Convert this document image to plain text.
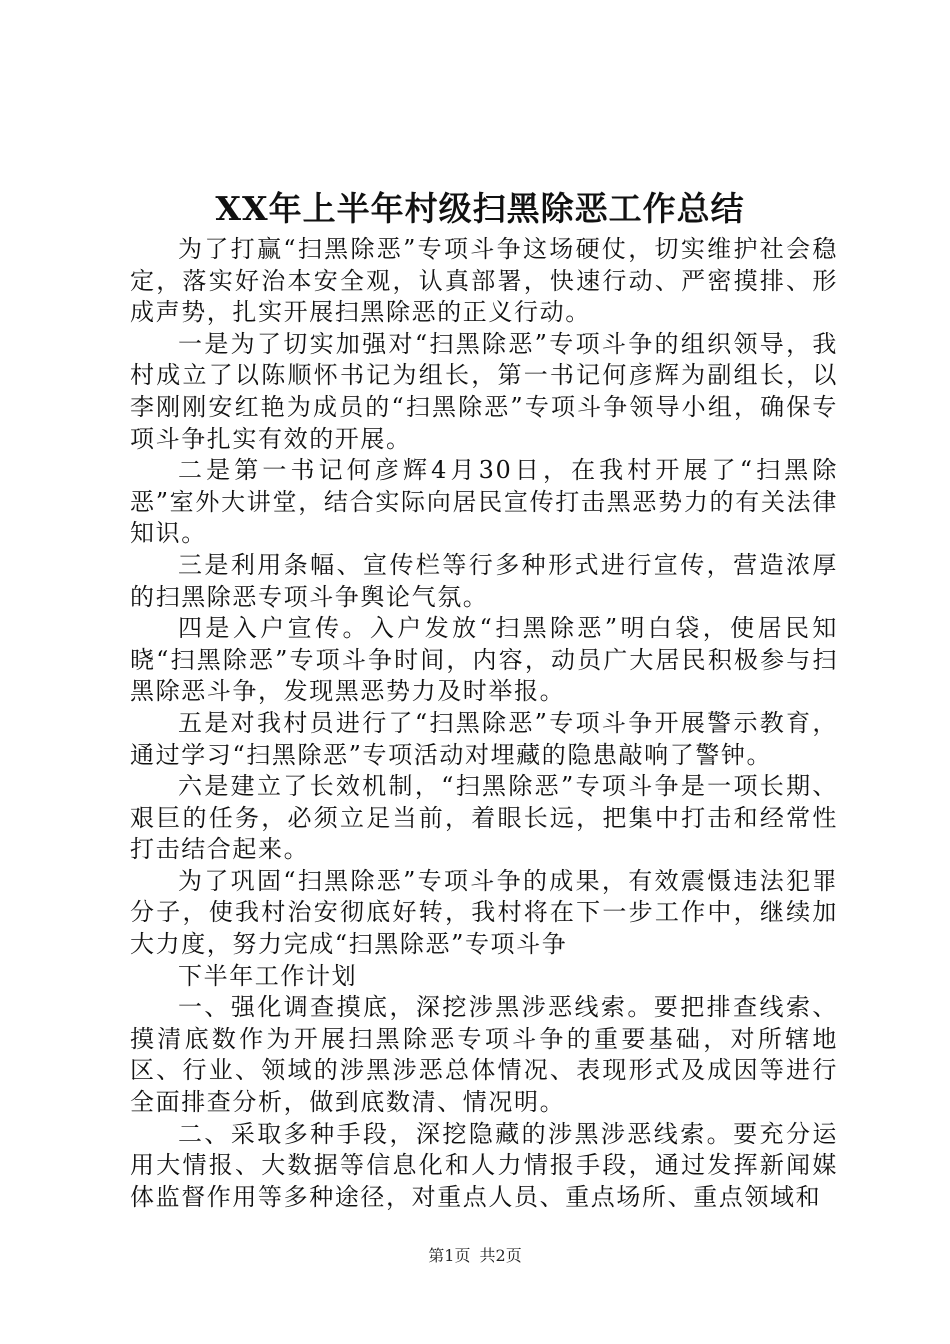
XX年上半年村级扫黑除恶工作总结

为了打赢“扫黑除恶”专项斗争这场硬仗，切实维护社会稳定，落实好治本安全观，认真部署，快速行动、严密摸排、形成声势，扎实开展扫黑除恶的正义行动。

一是为了切实加强对“扫黑除恶”专项斗争的组织领导，我村成立了以陈顺怀书记为组长，第一书记何彦辉为副组长，以李刚刚安红艳为成员的“扫黑除恶”专项斗争领导小组，确保专项斗争扎实有效的开展。

二是第一书记何彦辉4月30日，在我村开展了“扫黑除恶”室外大讲堂，结合实际向居民宣传打击黑恶势力的有关法律知识。

三是利用条幅、宣传栏等行多种形式进行宣传，营造浓厚的扫黑除恶专项斗争舆论气氛。

四是入户宣传。入户发放“扫黑除恶”明白袋，使居民知晓“扫黑除恶”专项斗争时间，内容，动员广大居民积极参与扫黑除恶斗争，发现黑恶势力及时举报。

五是对我村员进行了“扫黑除恶”专项斗争开展警示教育，通过学习“扫黑除恶”专项活动对埋藏的隐患敲响了警钟。

六是建立了长效机制，“扫黑除恶”专项斗争是一项长期、艰巨的任务，必须立足当前，着眼长远，把集中打击和经常性打击结合起来。

为了巩固“扫黑除恶”专项斗争的成果，有效震慑违法犯罪分子，使我村治安彻底好转，我村将在下一步工作中，继续加大力度，努力完成“扫黑除恶”专项斗争

下半年工作计划

一、强化调查摸底，深挖涉黑涉恶线索。要把排查线索、摸清底数作为开展扫黑除恶专项斗争的重要基础，对所辖地区、行业、领域的涉黑涉恶总体情况、表现形式及成因等进行全面排查分析，做到底数清、情况明。

二、采取多种手段，深挖隐藏的涉黑涉恶线索。要充分运用大情报、大数据等信息化和人力情报手段，通过发挥新闻媒体监督作用等多种途径，对重点人员、重点场所、重点领域和

第1页 共2页
